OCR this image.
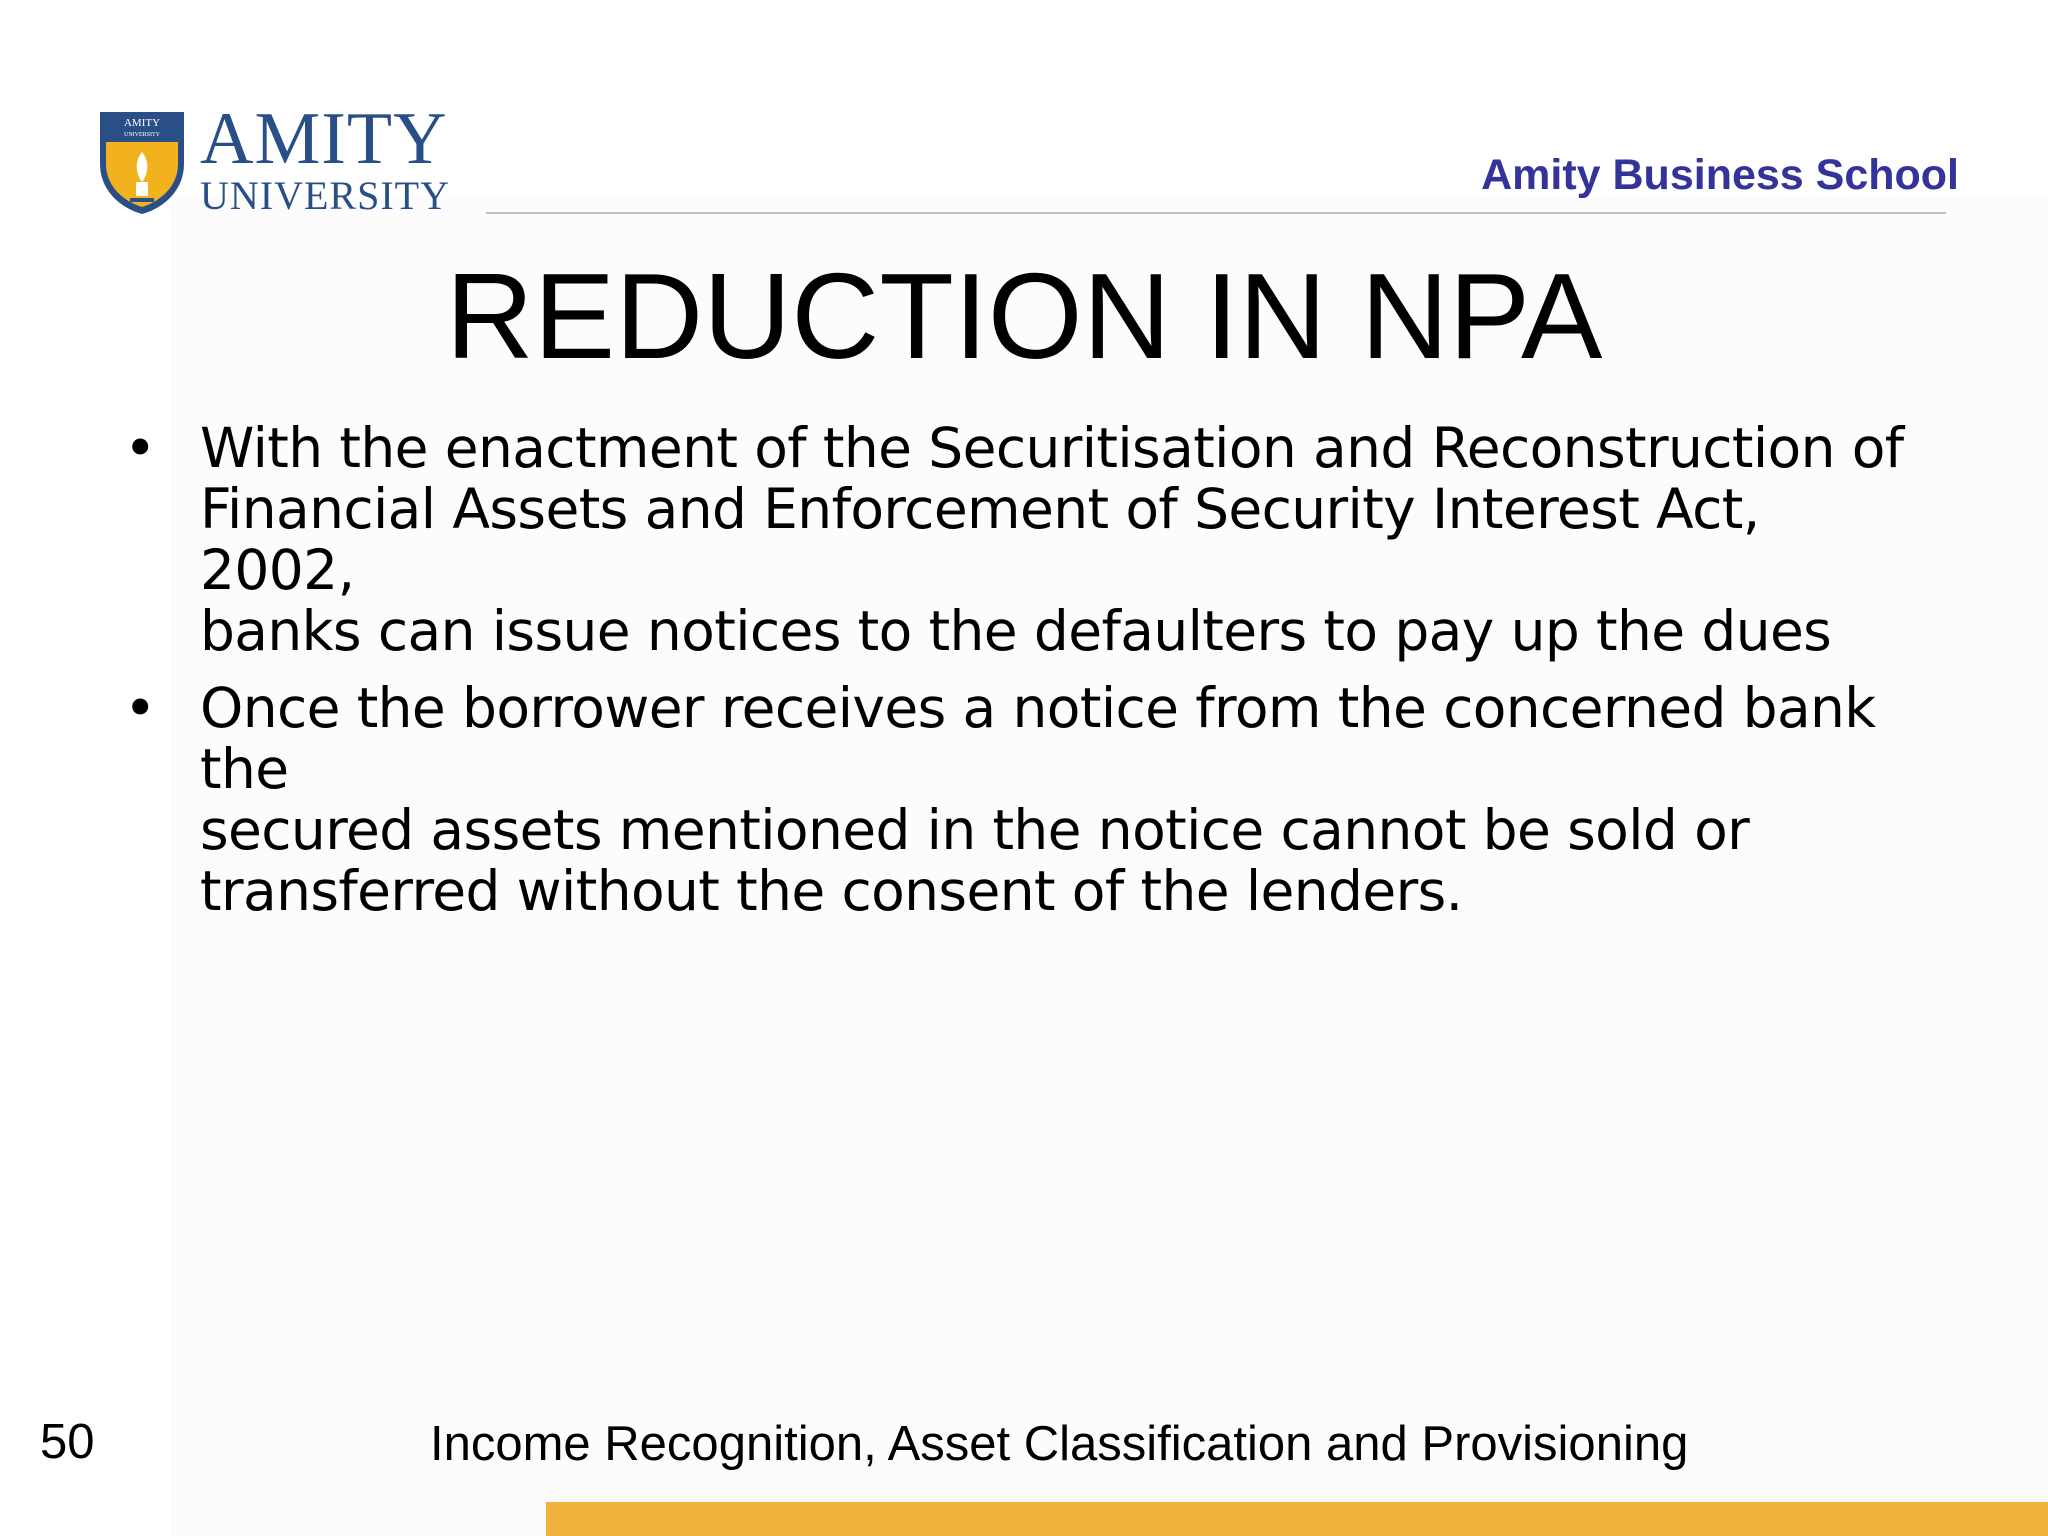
AMITY
UNIVERSITY AMITY
UNIVERSITY	Amity Business School
REDUCTION IN NPA
• With the enactment of the Securitisation and Reconstruction of
Financial Assets and Enforcement of Security Interest Act, 2002,
banks can issue notices to the defaulters to pay up the dues
• Once the borrower receives a notice from the concerned bank the
secured assets mentioned in the notice cannot be sold or
transferred without the consent of the lenders.
50	Income Recognition, Asset Classification and Provisioning
